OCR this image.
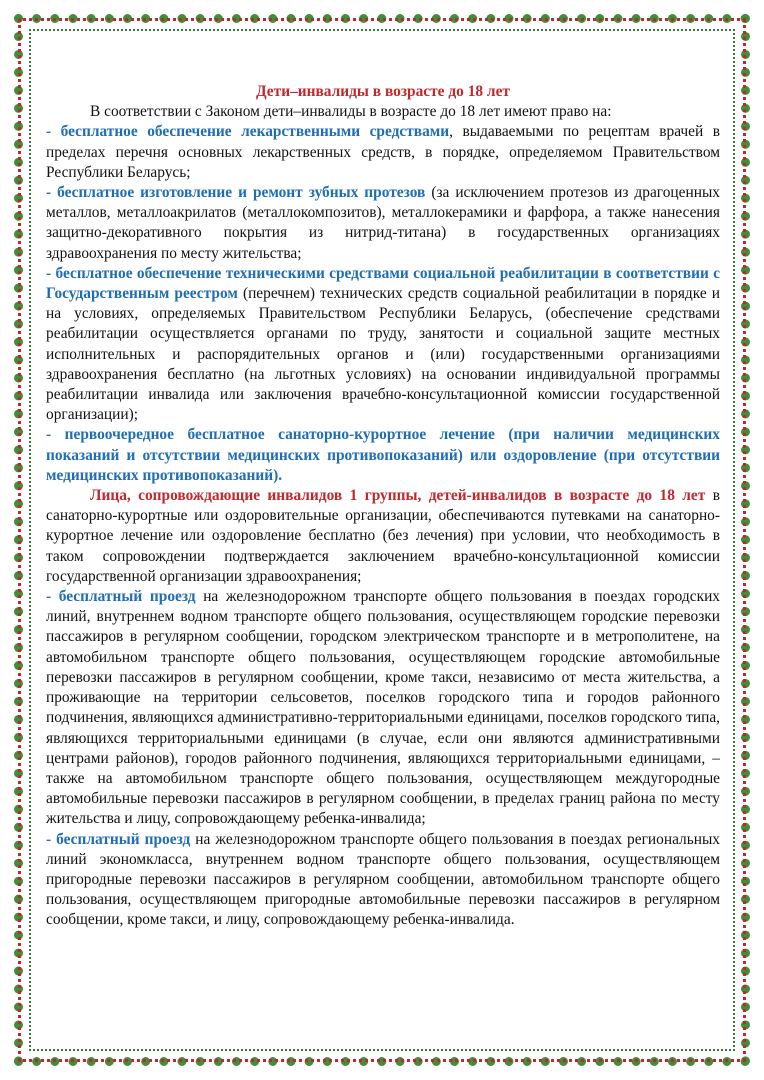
Дети–инвалиды в возрасте до 18 лет

В соответствии с Законом дети–инвалиды в возрасте до 18 лет имеют право на:

- бесплатное обеспечение лекарственными средствами, выдаваемыми по рецептам врачей в пределах перечня основных лекарственных средств, в порядке, определяемом Правительством Республики Беларусь;

- бесплатное изготовление и ремонт зубных протезов (за исключением протезов из драгоценных металлов, металлоакрилатов (металлокомпозитов), металлокерамики и фарфора, а также нанесения защитно-декоративного покрытия из нитрид-титана) в государственных организациях здравоохранения по месту жительства;

- бесплатное обеспечение техническими средствами социальной реабилитации в соответствии с Государственным реестром (перечнем) технических средств социальной реабилитации в порядке и на условиях, определяемых Правительством Республики Беларусь, (обеспечение средствами реабилитации осуществляется органами по труду, занятости и социальной защите местных исполнительных и распорядительных органов и (или) государственными организациями здравоохранения бесплатно (на льготных условиях) на основании индивидуальной программы реабилитации инвалида или заключения врачебно-консультационной комиссии государственной организации);

- первоочередное бесплатное санаторно-курортное лечение (при наличии медицинских показаний и отсутствии медицинских противопоказаний) или оздоровление (при отсутствии медицинских противопоказаний).

Лица, сопровождающие инвалидов 1 группы, детей-инвалидов в возрасте до 18 лет в санаторно-курортные или оздоровительные организации, обеспечиваются путевками на санаторно-курортное лечение или оздоровление бесплатно (без лечения) при условии, что необходимость в таком сопровождении подтверждается заключением врачебно-консультационной комиссии государственной организации здравоохранения;

- бесплатный проезд на железнодорожном транспорте общего пользования в поездах городских линий, внутреннем водном транспорте общего пользования, осуществляющем городские перевозки пассажиров в регулярном сообщении, городском электрическом транспорте и в метрополитене, на автомобильном транспорте общего пользования, осуществляющем городские автомобильные перевозки пассажиров в регулярном сообщении, кроме такси, независимо от места жительства, а проживающие на территории сельсоветов, поселков городского типа и городов районного подчинения, являющихся административно-территориальными единицами, поселков городского типа, являющихся территориальными единицами (в случае, если они являются административными центрами районов), городов районного подчинения, являющихся территориальными единицами, – также на автомобильном транспорте общего пользования, осуществляющем междугородные автомобильные перевозки пассажиров в регулярном сообщении, в пределах границ района по месту жительства и лицу, сопровождающему ребенка-инвалида;

- бесплатный проезд на железнодорожном транспорте общего пользования в поездах региональных линий экономкласса, внутреннем водном транспорте общего пользования, осуществляющем пригородные перевозки пассажиров в регулярном сообщении, автомобильном транспорте общего пользования, осуществляющем пригородные автомобильные перевозки пассажиров в регулярном сообщении, кроме такси, и лицу, сопровождающему ребенка-инвалида.
